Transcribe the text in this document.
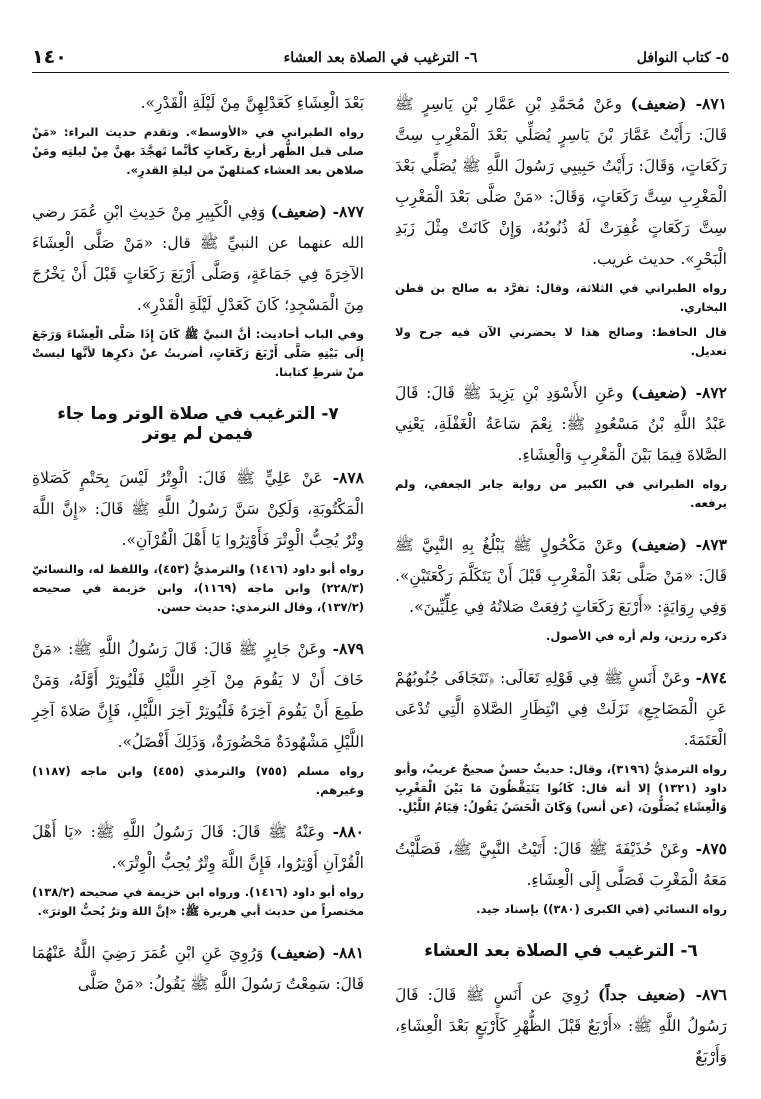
١٤٠	٦- الترغيب في الصلاة بعد العشاء	٥- كتاب النوافل

٨٧١- (ضعيف) وعَنْ مُحَمَّدِ بْنِ عَمَّارِ بْنِ يَاسِرٍ ﷺ قَالَ: رَأَيْتُ عَمَّارَ بْنَ يَاسِرٍ يُصَلِّي بَعْدَ الْمَغْرِبِ سِتَّ رَكَعَاتٍ، وَقَالَ: رَأَيْتُ حَبِيبِي رَسُولَ اللَّهِ ﷺ يُصَلِّي بَعْدَ الْمَغْرِبِ سِتَّ رَكَعَاتٍ، وَقَالَ: «مَنْ صَلَّى بَعْدَ الْمَغْرِبِ سِتَّ رَكَعَاتٍ غُفِرَتْ لَهُ ذُنُوبُهُ، وَإِنْ كَانَتْ مِثْلَ زَبَدِ الْبَحْرِ». حديث غريب.

رواه الطبراني في الثلاثة، وقال: تفرَّد به صالح بن قطن البخاري.

قال الحافظ: وصالح هذا لا يحضرني الآن فيه جرح ولا تعديل.

٨٧٢- (ضعيف) وعَنِ الأَسْوَدِ بْنِ يَزِيدَ ﷺ قَالَ: قَالَ عَبْدُ اللَّهِ بْنُ مَسْعُودٍ ﷺ: نِعْمَ سَاعَةُ الْغَفْلَةِ، يَعْنِي الصَّلاةَ فِيمَا بَيْنَ الْمَغْرِبِ وَالْعِشَاءِ.

رواه الطبراني في الكبير من رواية جابر الجعفي، ولم يرفعه.

٨٧٣- (ضعيف) وعَنْ مَكْحُولٍ ﷺ يَبْلُغُ بِهِ النَّبِيَّ ﷺ قَالَ: «مَنْ صَلَّى بَعْدَ الْمَغْرِبِ قَبْلَ أَنْ يَتَكَلَّمَ رَكْعَتَيْنِ». وَفِي رِوَايَةٍ: «أَرْبَعَ رَكَعَاتٍ رُفِعَتْ صَلاتُهُ فِي عِلِّيِّينَ».

ذكره رزين، ولم أره في الأصول.

٨٧٤- وعَنْ أَنَسٍ ﷺ فِي قَوْلِهِ تَعَالَى: ﴿تَتَجَافَى جُنُوبُهُمْ عَنِ الْمَضَاجِعِ﴾ نَزَلَتْ فِي انْتِظَارِ الصَّلاةِ الَّتِي تُدْعَى الْعَتَمَةَ.

رواه الترمذيُّ (٣١٩٦)، وقال: حديثٌ حسنٌ صحيحٌ غريبٌ، وأبو داود (١٣٢١) إلا أنه قال: كَانُوا يَتَيَقَّظُونَ مَا بَيْنَ الْمَغْرِبِ وَالْعِشَاءِ يُصَلُّونَ، (عن أنس) وَكَانَ الْحَسَنُ يَقُولُ: قِيَامُ اللَّيْلِ.

٨٧٥- وعَنْ حُذَيْفَةَ ﷺ قَالَ: أَتَيْتُ النَّبِيَّ ﷺ، فَصَلَّيْتُ مَعَهُ الْمَغْرِبَ فَصَلَّى إِلَى الْعِشَاءِ.

رواه النسائي (في الكبرى (٣٨٠)) بإسناد جيد.

٦- الترغيب في الصلاة بعد العشاء

٨٧٦- (ضعيف جداً) رُوِيَ عن أَنَسٍ ﷺ قَالَ: قَالَ رَسُولُ اللَّهِ ﷺ: «أَرْبَعٌ قَبْلَ الظُّهْرِ كَأَرْبَعٍ بَعْدَ الْعِشَاءِ، وَأَرْبَعٌ

بَعْدَ الْعِشَاءِ كَعَدْلِهِنَّ مِنْ لَيْلَةِ الْقَدْرِ».

رواه الطبراني في «الأوسط». وتقدم حديث البراء: «مَنْ صلى قبل الظُّهر أربعَ ركَعاتٍ كأنَّما تَهجَّدَ بهنَّ مِنْ ليلتِه ومَنْ صلاهن بعد العشاء كمثلهنّ من ليلةِ القدرِ».

٨٧٧- (ضعيف) وَفِي الْكَبِيرِ مِنْ حَدِيثِ ابْنِ عُمَرَ رضي الله عنهما عن النبيِّ ﷺ قال: «مَنْ صَلَّى الْعِشَاءَ الآخِرَةَ فِي جَمَاعَةٍ، وَصَلَّى أَرْبَعَ رَكَعَاتٍ قَبْلَ أَنْ يَخْرُجَ مِنَ الْمَسْجِدِ؛ كَانَ كَعَدْلِ لَيْلَةِ الْقَدْرِ».

وفي الباب أحاديث: أنَّ النبيَّ ﷺ كَانَ إِذَا صَلَّى الْعِشَاءَ وَرَجَعَ إِلَى بَيْتِهِ صَلَّى أَرْبَعَ رَكَعَاتٍ، أضربتُ عنْ ذكرِها لأنَّها ليستْ منْ شرطِ كتابنا.

٧- الترغيب في صلاة الوتر وما جاء فيمن لم يوتر

٨٧٨- عَنْ عَلِيٍّ ﷺ قَالَ: الْوِتْرُ لَيْسَ بِحَتْمٍ كَصَلاةِ الْمَكْتُوبَةِ، وَلَكِنْ سَنَّ رَسُولُ اللَّهِ ﷺ قَالَ: «إِنَّ اللَّهَ وِتْرٌ يُحِبُّ الْوِتْرَ فَأَوْتِرُوا يَا أَهْلَ الْقُرْآنِ».

رواه أبو داود (١٤١٦) والترمذيُّ (٤٥٣)، واللفظ له، والنسائيّ (٢٢٨/٣) وابن ماجه (١١٦٩)، وابن خزيمة في صحيحه (١٣٧/٢)، وقال الترمذي: حديث حسن.

٨٧٩- وعَنْ جَابِرٍ ﷺ قَالَ: قَالَ رَسُولُ اللَّهِ ﷺ: «مَنْ خَافَ أَنْ لا يَقُومَ مِنْ آخِرِ اللَّيْلِ فَلْيُوتِرْ أَوَّلَهُ، وَمَنْ طَمِعَ أَنْ يَقُومَ آخِرَهُ فَلْيُوتِرْ آخِرَ اللَّيْلِ، فَإِنَّ صَلاةَ آخِرِ اللَّيْلِ مَشْهُودَةٌ مَحْضُورَةٌ، وَذَلِكَ أَفْضَلُ».

رواه مسلم (٧٥٥) والترمذي (٤٥٥) وابن ماجه (١١٨٧) وغيرهم.

٨٨٠- وعَنْهُ ﷺ قَالَ: قَالَ رَسُولُ اللَّهِ ﷺ: «يَا أَهْلَ الْقُرْآنِ أَوْتِرُوا، فَإِنَّ اللَّهَ وِتْرٌ يُحِبُّ الْوِتْرَ».

رواه أبو داود (١٤١٦). ورواه ابن خزيمة في صحيحه (١٣٨/٢) مختصراً من حديث أبي هريرة ﷺ: «إنَّ اللهَ وترٌ يُحبُّ الوترَ».

٨٨١- (ضعيف) وَرُوِيَ عَنِ ابْنِ عُمَرَ رَضِيَ اللَّهُ عَنْهُمَا قَالَ: سَمِعْتُ رَسُولَ اللَّهِ ﷺ يَقُولُ: «مَنْ صَلَّى
